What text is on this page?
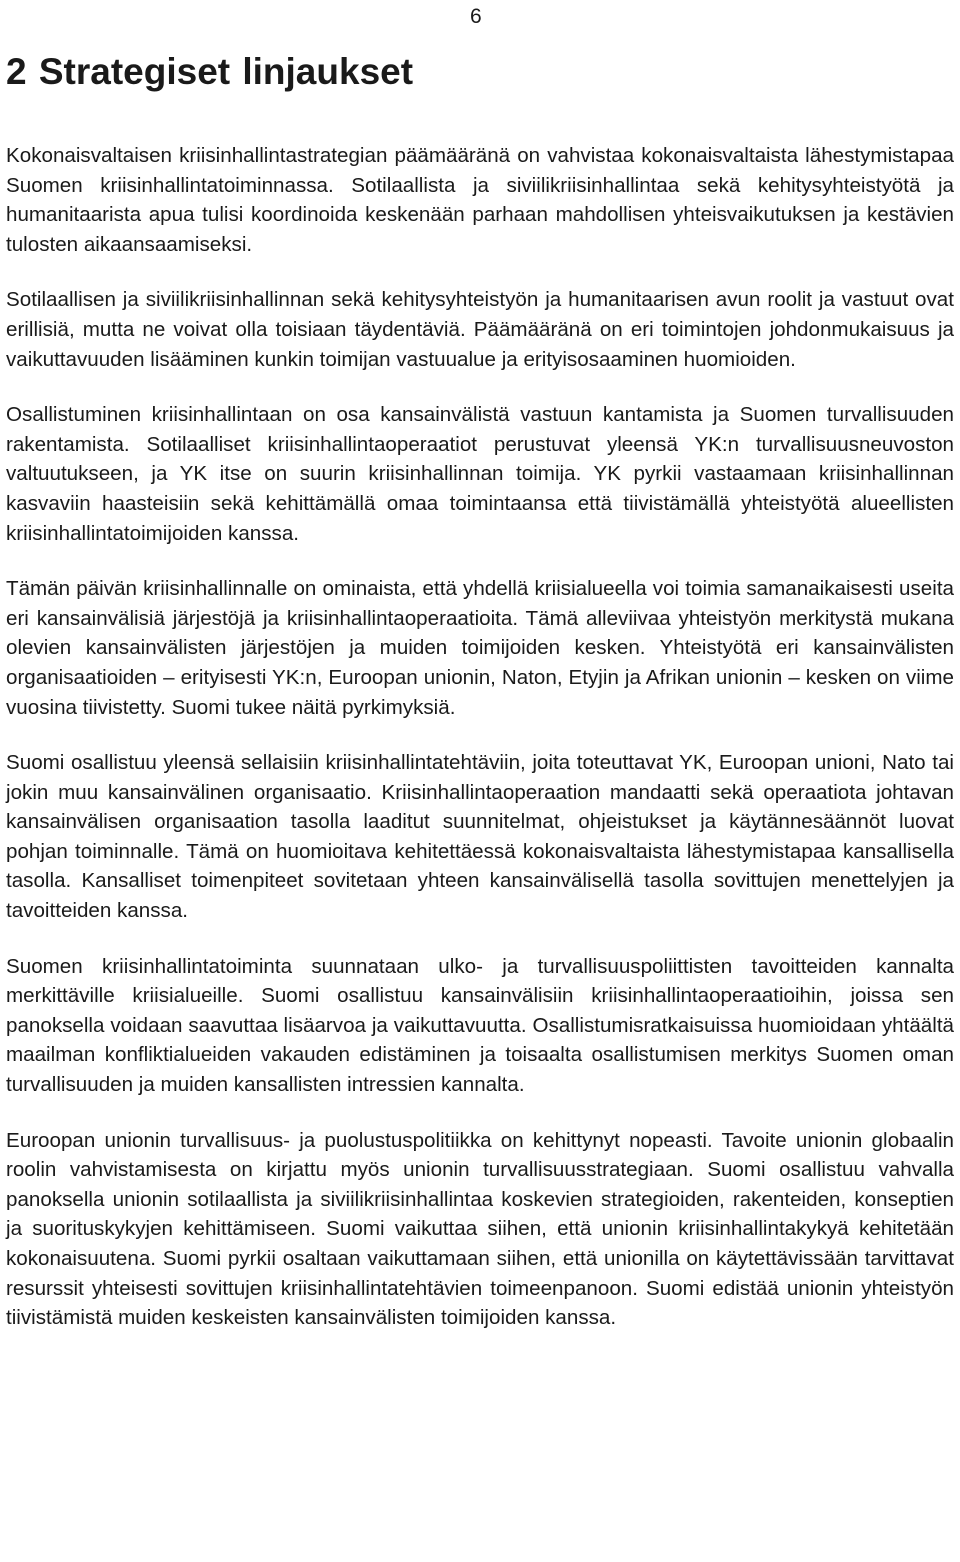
6
2 Strategiset linjaukset

Kokonaisvaltaisen kriisinhallintastrategian päämääränä on vahvistaa kokonaisvaltaista lähestymistapaa Suomen kriisinhallintatoiminnassa. Sotilaallista ja siviilikriisinhallintaa sekä kehitysyhteistyötä ja humanitaarista apua tulisi koordinoida keskenään parhaan mahdollisen yhteisvaikutuksen ja kestävien tulosten aikaansaamiseksi.

Sotilaallisen ja siviilikriisinhallinnan sekä kehitysyhteistyön ja humanitaarisen avun roolit ja vastuut ovat erillisiä, mutta ne voivat olla toisiaan täydentäviä. Päämääränä on eri toimintojen johdonmukaisuus ja vaikuttavuuden lisääminen kunkin toimijan vastuualue ja erityisosaaminen huomioiden.

Osallistuminen kriisinhallintaan on osa kansainvälistä vastuun kantamista ja Suomen turvallisuuden rakentamista. Sotilaalliset kriisinhallintaoperaatiot perustuvat yleensä YK:n turvallisuusneuvoston valtuutukseen, ja YK itse on suurin kriisinhallinnan toimija. YK pyrkii vastaamaan kriisinhallinnan kasvaviin haasteisiin sekä kehittämällä omaa toimintaansa että tiivistämällä yhteistyötä alueellisten kriisinhallintatoimijoiden kanssa.

Tämän päivän kriisinhallinnalle on ominaista, että yhdellä kriisialueella voi toimia samanaikaisesti useita eri kansainvälisiä järjestöjä ja kriisinhallintaoperaatioita. Tämä alleviivaa yhteistyön merkitystä mukana olevien kansainvälisten järjestöjen ja muiden toimijoiden kesken. Yhteistyötä eri kansainvälisten organisaatioiden – erityisesti YK:n, Euroopan unionin, Naton, Etyjin ja Afrikan unionin – kesken on viime vuosina tiivistetty. Suomi tukee näitä pyrkimyksiä.

Suomi osallistuu yleensä sellaisiin kriisinhallintatehtäviin, joita toteuttavat YK, Euroopan unioni, Nato tai jokin muu kansainvälinen organisaatio. Kriisinhallintaoperaation mandaatti sekä operaatiota johtavan kansainvälisen organisaation tasolla laaditut suunnitelmat, ohjeistukset ja käytännesäännöt luovat pohjan toiminnalle. Tämä on huomioitava kehitettäessä kokonaisvaltaista lähestymistapaa kansallisella tasolla. Kansalliset toimenpiteet sovitetaan yhteen kansainvälisellä tasolla sovittujen menettelyjen ja tavoitteiden kanssa.

Suomen kriisinhallintatoiminta suunnataan ulko- ja turvallisuuspoliittisten tavoitteiden kannalta merkittäville kriisialueille. Suomi osallistuu kansainvälisiin kriisinhallintaoperaatioihin, joissa sen panoksella voidaan saavuttaa lisäarvoa ja vaikuttavuutta. Osallistumisratkaisuissa huomioidaan yhtäältä maailman konfliktialueiden vakauden edistäminen ja toisaalta osallistumisen merkitys Suomen oman turvallisuuden ja muiden kansallisten intressien kannalta.

Euroopan unionin turvallisuus- ja puolustuspolitiikka on kehittynyt nopeasti. Tavoite unionin globaalin roolin vahvistamisesta on kirjattu myös unionin turvallisuusstrategiaan. Suomi osallistuu vahvalla panoksella unionin sotilaallista ja siviilikriisinhallintaa koskevien strategioiden, rakenteiden, konseptien ja suorituskykyjen kehittämiseen. Suomi vaikuttaa siihen, että unionin kriisinhallintakykyä kehitetään kokonaisuutena. Suomi pyrkii osaltaan vaikuttamaan siihen, että unionilla on käytettävissään tarvittavat resurssit yhteisesti sovittujen kriisinhallintatehtävien toimeenpanoon. Suomi edistää unionin yhteistyön tiivistämistä muiden keskeisten kansainvälisten toimijoiden kanssa.
